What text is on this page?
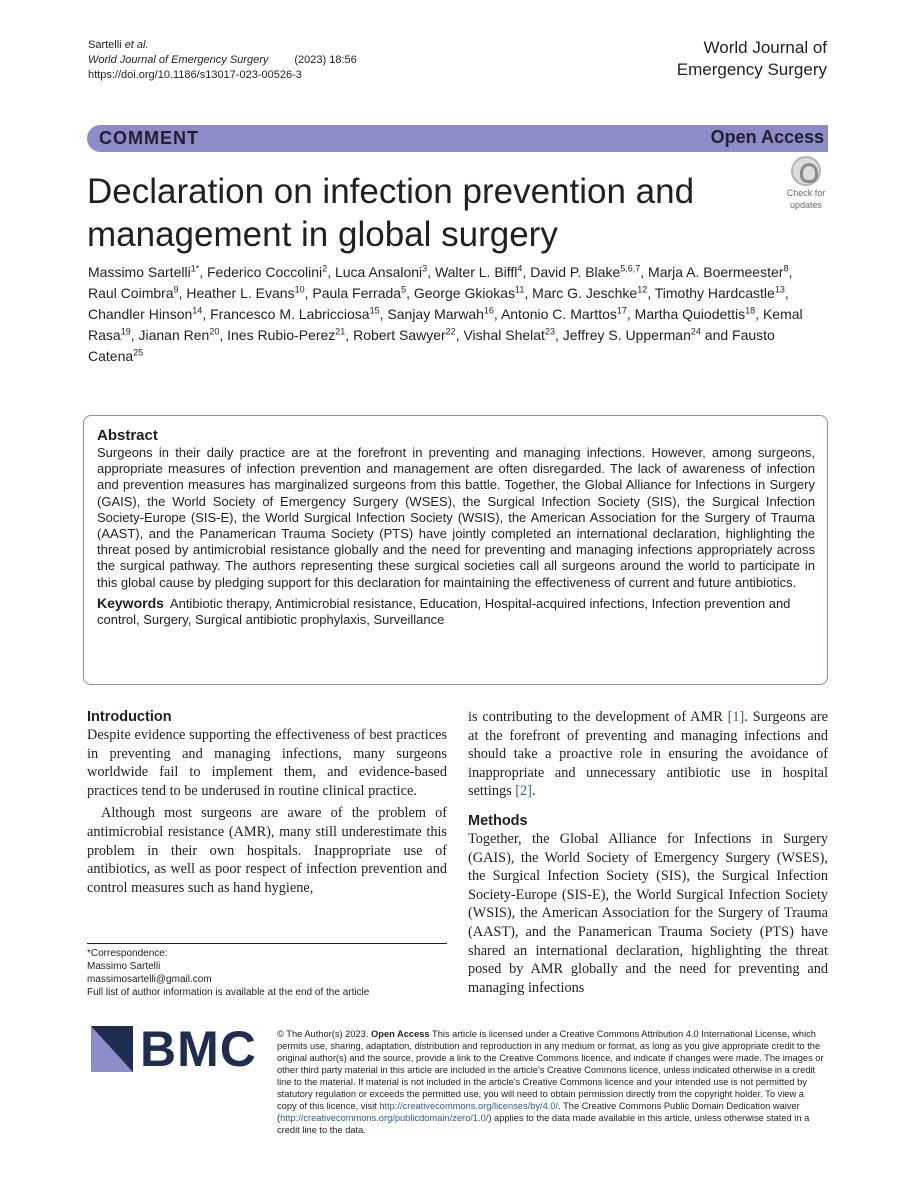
Sartelli et al.
World Journal of Emergency Surgery (2023) 18:56
https://doi.org/10.1186/s13017-023-00526-3
World Journal of
Emergency Surgery
COMMENT	Open Access
Declaration on infection prevention and management in global surgery
Check for
updates
Massimo Sartelli$^{1*}$, Federico Coccolini$^2$, Luca Ansaloni$^3$, Walter L. Biffl$^4$, David P. Blake$^{5,6,7}$, Marja A. Boermeester$^8$, Raul Coimbra$^9$, Heather L. Evans$^{10}$, Paula Ferrada$^5$, George Gkiokas$^{11}$, Marc G. Jeschke$^{12}$, Timothy Hardcastle$^{13}$, Chandler Hinson$^{14}$, Francesco M. Labricciosa$^{15}$, Sanjay Marwah$^{16}$, Antonio C. Marttos$^{17}$, Martha Quiodettis$^{18}$, Kemal Rasa$^{19}$, Jianan Ren$^{20}$, Ines Rubio-Perez$^{21}$, Robert Sawyer$^{22}$, Vishal Shelat$^{23}$, Jeffrey S. Upperman$^{24}$ and Fausto Catena$^{25}$
Abstract

Surgeons in their daily practice are at the forefront in preventing and managing infections. However, among surgeons, appropriate measures of infection prevention and management are often disregarded. The lack of awareness of infection and prevention measures has marginalized surgeons from this battle. Together, the Global Alliance for Infections in Surgery (GAIS), the World Society of Emergency Surgery (WSES), the Surgical Infection Society (SIS), the Surgical Infection Society-Europe (SIS-E), the World Surgical Infection Society (WSIS), the American Association for the Surgery of Trauma (AAST), and the Panamerican Trauma Society (PTS) have jointly completed an international declaration, highlighting the threat posed by antimicrobial resistance globally and the need for preventing and managing infections appropriately across the surgical pathway. The authors representing these surgical societies call all surgeons around the world to participate in this global cause by pledging support for this declaration for maintaining the effectiveness of current and future antibiotics.

Keywords Antibiotic therapy, Antimicrobial resistance, Education, Hospital-acquired infections, Infection prevention and control, Surgery, Surgical antibiotic prophylaxis, Surveillance

Introduction

Despite evidence supporting the effectiveness of best practices in preventing and managing infections, many surgeons worldwide fail to implement them, and evidence-based practices tend to be underused in routine clinical practice.

Although most surgeons are aware of the problem of antimicrobial resistance (AMR), many still underestimate this problem in their own hospitals. Inappropriate use of antibiotics, as well as poor respect of infection prevention and control measures such as hand hygiene,

is contributing to the development of AMR [1]. Surgeons are at the forefront of preventing and managing infections and should take a proactive role in ensuring the avoidance of inappropriate and unnecessary antibiotic use in hospital settings [2].

Methods

Together, the Global Alliance for Infections in Surgery (GAIS), the World Society of Emergency Surgery (WSES), the Surgical Infection Society (SIS), the Surgical Infection Society-Europe (SIS-E), the World Surgical Infection Society (WSIS), the American Association for the Surgery of Trauma (AAST), and the Panamerican Trauma Society (PTS) have shared an international declaration, highlighting the threat posed by AMR globally and the need for preventing and managing infections

*Correspondence:
Massimo Sartelli
massimosartelli@gmail.com
Full list of author information is available at the end of the article
BMC © The Author(s) 2023. Open Access This article is licensed under a Creative Commons Attribution 4.0 International License, which permits use, sharing, adaptation, distribution and reproduction in any medium or format, as long as you give appropriate credit to the original author(s) and the source, provide a link to the Creative Commons licence, and indicate if changes were made. The images or other third party material in this article are included in the article's Creative Commons licence, unless indicated otherwise in a credit line to the material. If material is not included in the article's Creative Commons licence and your intended use is not permitted by statutory regulation or exceeds the permitted use, you will need to obtain permission directly from the copyright holder. To view a copy of this licence, visit http://creativecommons.org/licenses/by/4.0/. The Creative Commons Public Domain Dedication waiver (http://creativecommons.org/publicdomain/zero/1.0/) applies to the data made available in this article, unless otherwise stated in a credit line to the data.
